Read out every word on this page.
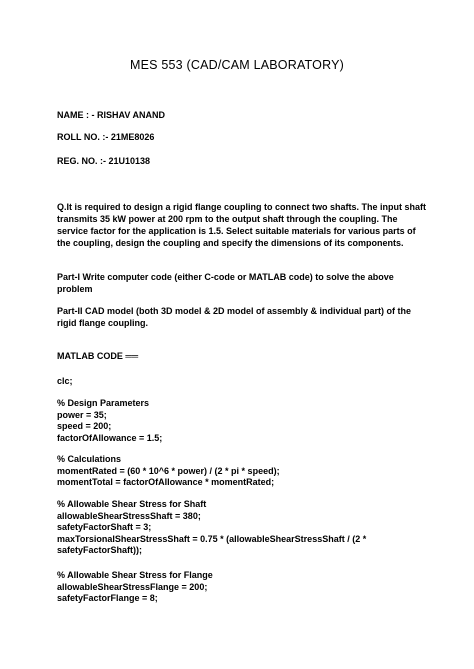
MES 553 (CAD/CAM LABORATORY)
NAME : - RISHAV ANAND
ROLL NO. :- 21ME8026
REG. NO. :- 21U10138
Q.It is required to design a rigid flange coupling to connect two shafts. The input shaft transmits 35 kW power at 200 rpm to the output shaft through the coupling. The service factor for the application is 1.5. Select suitable materials for various parts of the coupling, design the coupling and specify the dimensions of its components.
Part-I Write computer code (either C-code or MATLAB code) to solve the above problem
Part-II CAD model (both 3D model & 2D model of assembly & individual part) of the rigid flange coupling.
MATLAB CODE ══
clc;
% Design Parameters
power = 35;
speed = 200;
factorOfAllowance = 1.5;
% Calculations
momentRated = (60 * 10^6 * power) / (2 * pi * speed);
momentTotal = factorOfAllowance * momentRated;
% Allowable Shear Stress for Shaft
allowableShearStressShaft = 380;
safetyFactorShaft = 3;
maxTorsionalShearStressShaft = 0.75 * (allowableShearStressShaft / (2 * safetyFactorShaft));
% Allowable Shear Stress for Flange
allowableShearStressFlange = 200;
safetyFactorFlange = 8;
